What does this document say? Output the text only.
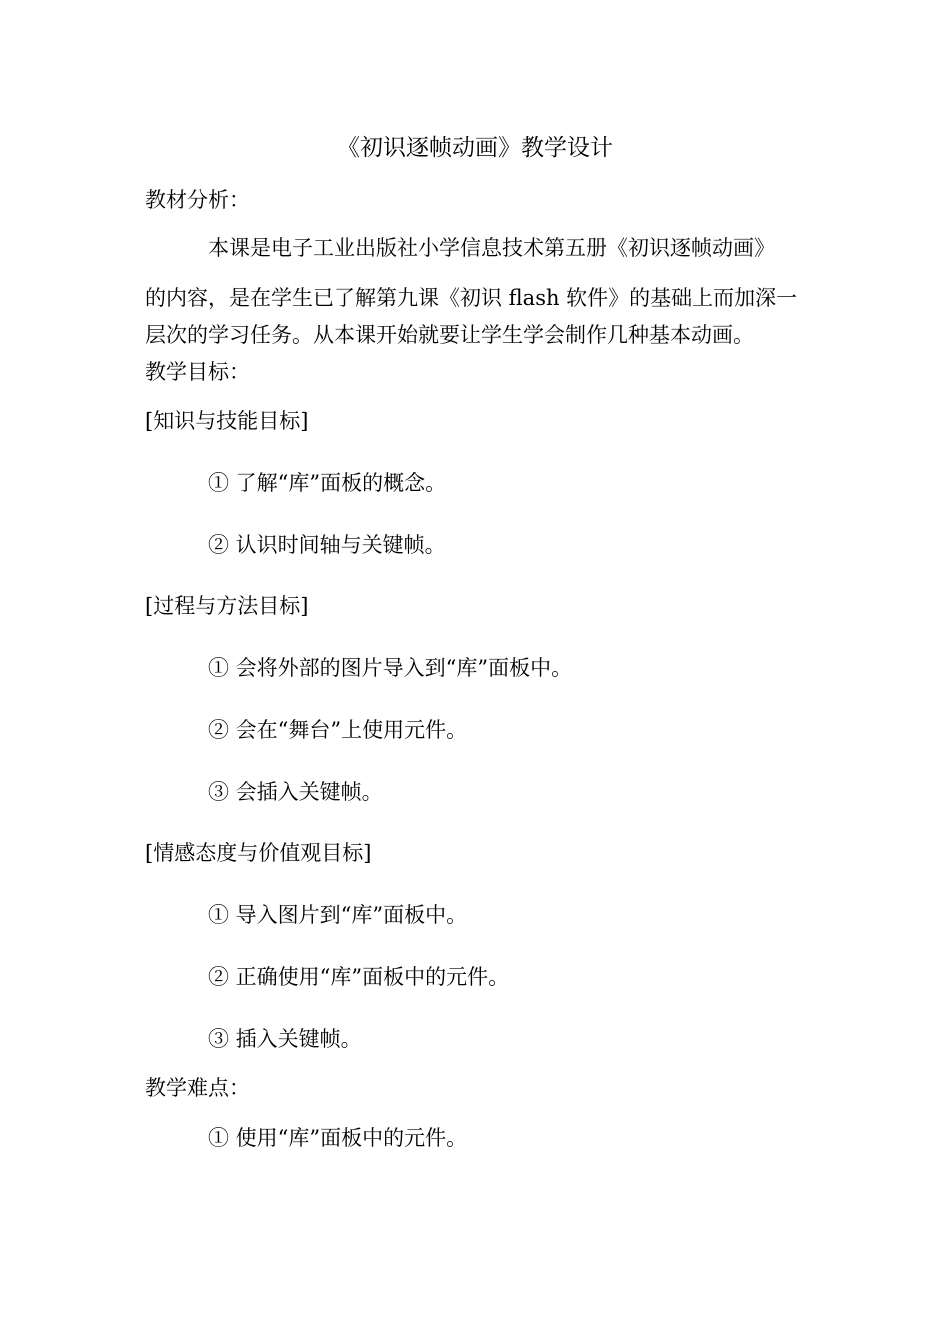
《初识逐帧动画》教学设计
教材分析：
本课是电子工业出版社小学信息技术第五册《初识逐帧动画》
的内容，是在学生已了解第九课《初识 flash 软件》的基础上而加深一
层次的学习任务。从本课开始就要让学生学会制作几种基本动画。
教学目标：
[知识与技能目标]
① 了解“库”面板的概念。
② 认识时间轴与关键帧。
[过程与方法目标]
① 会将外部的图片导入到“库”面板中。
② 会在“舞台”上使用元件。
③ 会插入关键帧。
[情感态度与价值观目标]
① 导入图片到“库”面板中。
② 正确使用“库”面板中的元件。
③ 插入关键帧。
教学难点：
① 使用“库”面板中的元件。
